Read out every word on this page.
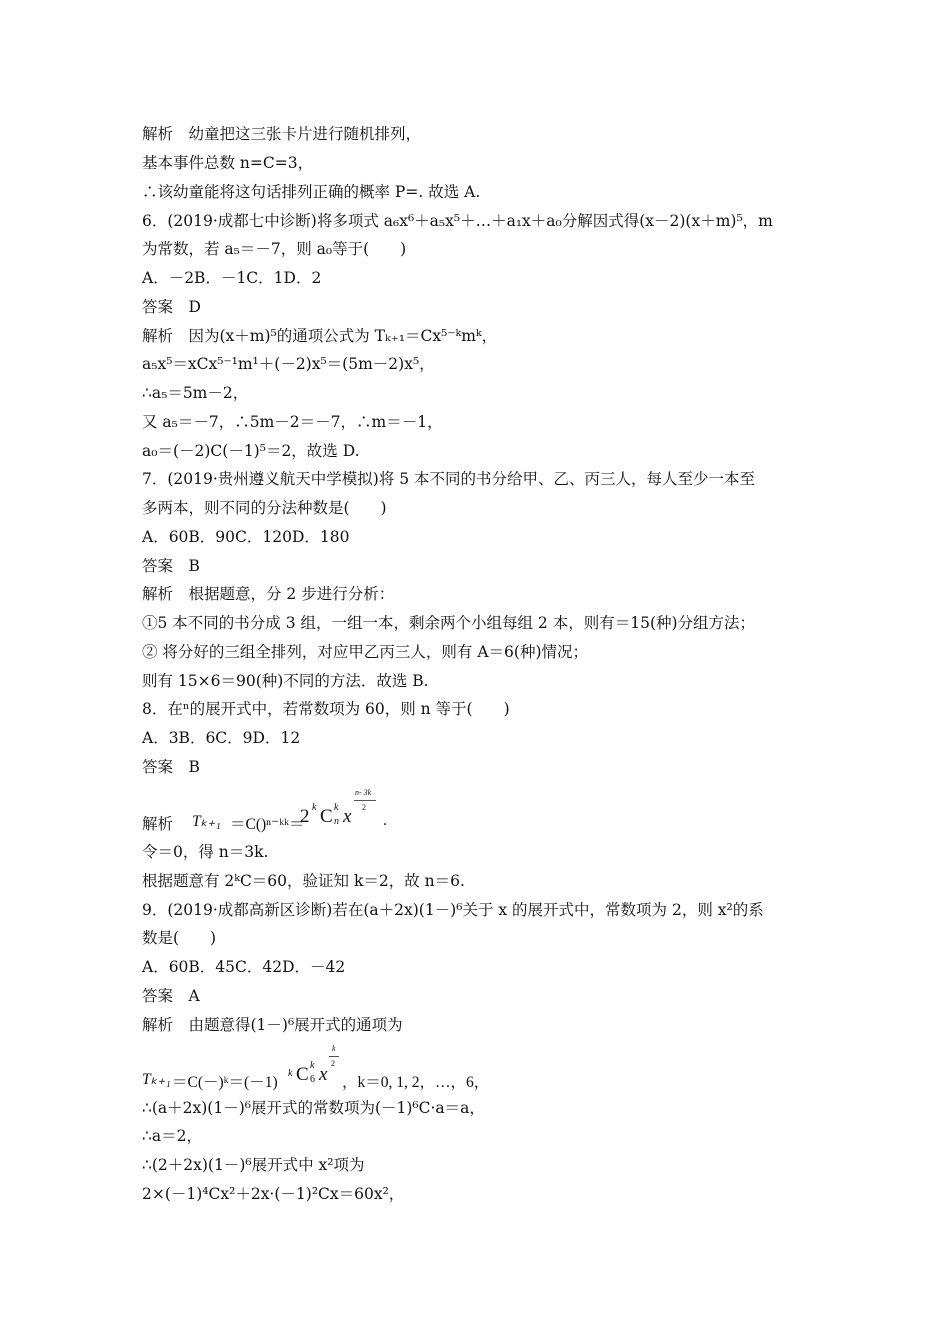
解析　幼童把这三张卡片进行随机排列，
基本事件总数 n=C=3，
∴该幼童能将这句话排列正确的概率 P=. 故选 A.
6．(2019·成都七中诊断)将多项式 a₆x⁶＋a₅x⁵＋…＋a₁x＋a₀分解因式得(x－2)(x＋m)⁵，m
为常数，若 a₅＝－7，则 a₀等于(　　)
A．－2B．－1C．1D．2
答案　D
解析　因为(x＋m)⁵的通项公式为 Tₖ₊₁＝Cx⁵⁻ᵏmᵏ，
a₅x⁵＝xCx⁵⁻¹m¹＋(－2)x⁵＝(5m－2)x⁵，
∴a₅＝5m－2，
又 a₅＝－7，∴5m－2＝－7，∴m＝－1，
a₀＝(－2)C(－1)⁵＝2，故选 D.
7．(2019·贵州遵义航天中学模拟)将 5 本不同的书分给甲、乙、丙三人，每人至少一本至
多两本，则不同的分法种数是(　　)
A．60B．90C．120D．180
答案　B
解析　根据题意，分 2 步进行分析：
①5 本不同的书分成 3 组，一组一本，剩余两个小组每组 2 本，则有＝15(种)分组方法；
② 将分好的三组全排列，对应甲乙丙三人，则有 A＝6(种)情况；
则有 15×6＝90(种)不同的方法．故选 B.
8．在ⁿ的展开式中，若常数项为 60，则 n 等于(　　)
A．3B．6C．9D．12
答案　B
解析　 Tₖ₊₁ ＝C()ⁿ⁻ᵏᵏ＝
2 k C k
n x
n- 3k
2
.
令＝0，得 n＝3k.
根据题意有 2ᵏC＝60，验证知 k＝2，故 n＝6.
9．(2019·成都高新区诊断)若在(a＋2x)(1－)⁶关于 x 的展开式中，常数项为 2，则 x²的系
数是(　　)
A．60B．45C．42D．－42
答案　A
解析　由题意得(1－)⁶展开式的通项为
Tₖ₊₁ ＝C(－)ᵏ＝(－1)
k C k
6 x
k
2
，k＝0, 1, 2，…，6，
∴(a＋2x)(1－)⁶展开式的常数项为(－1)⁶C·a＝a，
∴a＝2，
∴(2＋2x)(1－)⁶展开式中 x²项为
2×(－1)⁴Cx²＋2x·(－1)²Cx＝60x²，
